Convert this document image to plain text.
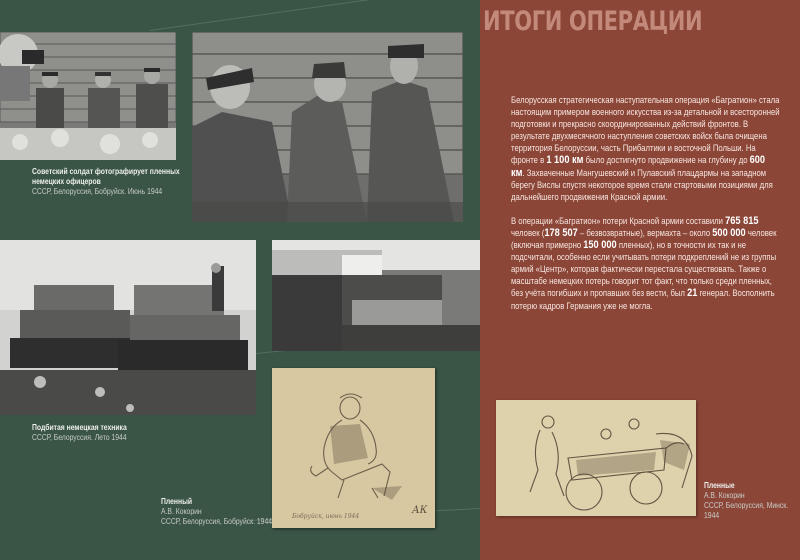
ИТОГИ ОПЕРАЦИИ
Советский солдат фотографирует пленных немецких офицеров
СССР, Белоруссия, Бобруйск. Июнь 1944
Подбитая немецкая техника
СССР, Белоруссия. Лето 1944
Бобруйск, июнь 1944
АК
Пленный
А.В. Кокорин
СССР, Белоруссия, Бобруйск. 1944
Пленные
А.В. Кокорин
СССР, Белоруссия, Минск. 1944

Белорусская стратегическая наступательная операция «Багратион» стала настоящим примером военного искусства из-за детальной и всесторонней подготовки и прекрасно скоординированных действий фронтов. В результате двухмесячного наступления советских войск была очищена территория Белоруссии, часть Прибалтики и восточной Польши. На фронте в 1 100 км было достигнуто продвижение на глубину до 600 км. Захваченные Мангушевский и Пулавский плацдармы на западном берегу Вислы спустя некоторое время стали стартовыми позициями для дальнейшего продвижения Красной армии.

В операции «Багратион» потери Красной армии составили 765 815 человек (178 507 – безвозвратные), вермахта – около 500 000 человек (включая примерно 150 000 пленных), но в точности их так и не подсчитали, особенно если учитывать потери подкреплений не из группы армий «Центр», которая фактически перестала существовать. Также о масштабе немецких потерь говорит тот факт, что только среди пленных, без учёта погибших и пропавших без вести, был 21 генерал. Восполнить потерю кадров Германия уже не могла.
